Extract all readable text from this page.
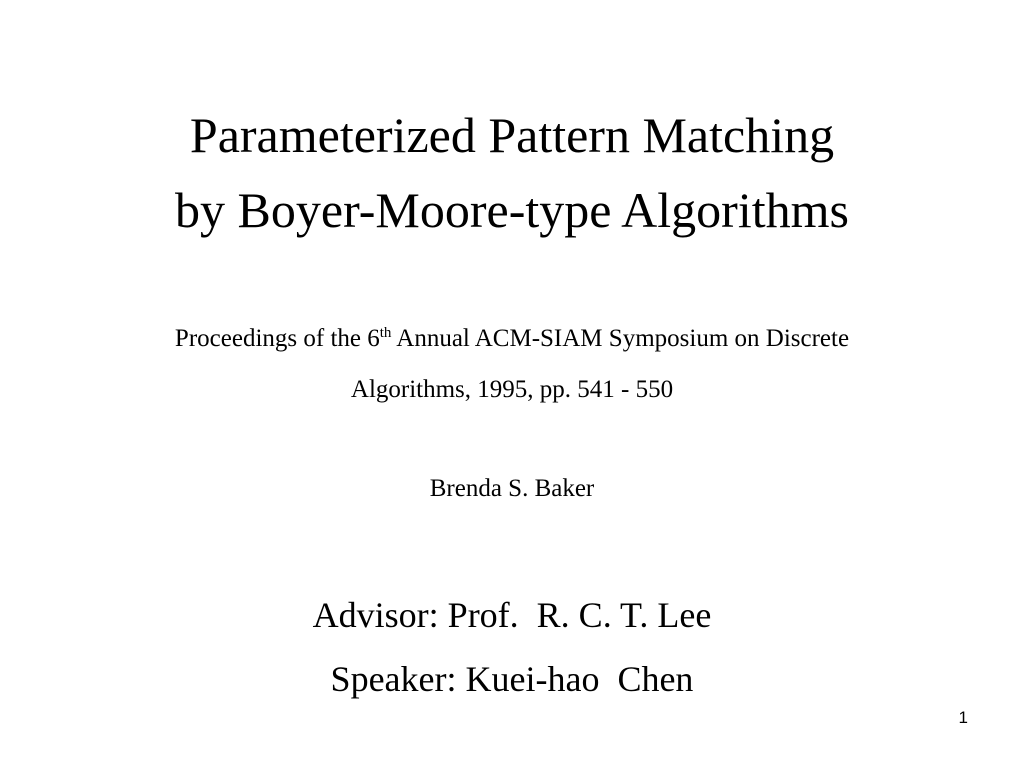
Parameterized Pattern Matching
by Boyer-Moore-type Algorithms
Proceedings of the 6th Annual ACM-SIAM Symposium on Discrete
Algorithms, 1995, pp. 541 - 550
Brenda S. Baker
Advisor: Prof.  R. C. T. Lee
Speaker: Kuei-hao  Chen
1
